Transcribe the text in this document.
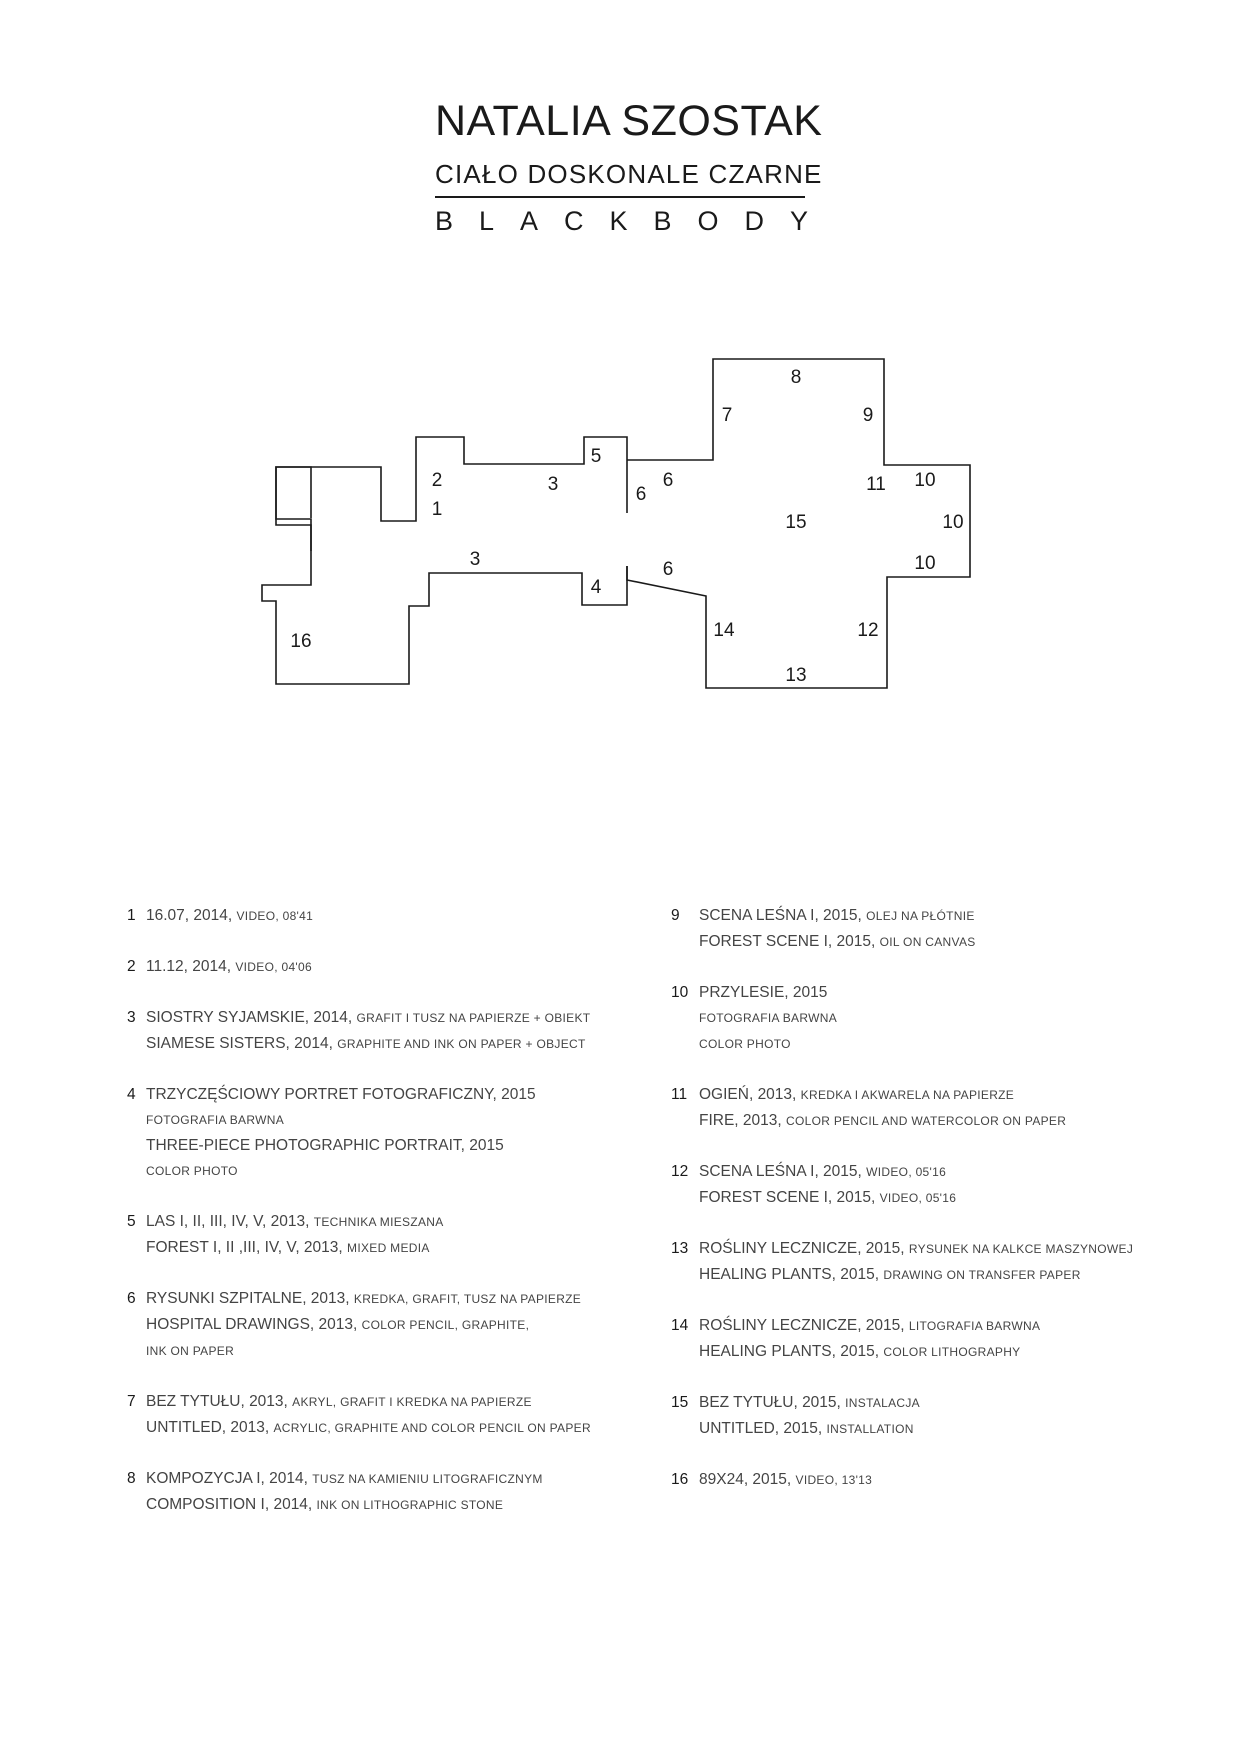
NATALIA SZOSTAK
CIAŁO DOSKONALE CZARNE
B L A C K B O D Y
8
7	9
5
2
1
3	6
6	11 10
15	10
3
4
6	10
16
14	12
13
1 16.07, 2014, VIDEO, 08'41
2 11.12, 2014, VIDEO, 04'06
3 SIOSTRY SYJAMSKIE, 2014, GRAFIT I TUSZ NA PAPIERZE + OBIEKT
SIAMESE SISTERS, 2014, GRAPHITE AND INK ON PAPER + OBJECT
4 TRZYCZĘŚCIOWY PORTRET FOTOGRAFICZNY, 2015
FOTOGRAFIA BARWNA
THREE-PIECE PHOTOGRAPHIC PORTRAIT, 2015
COLOR PHOTO
5 LAS I, II, III, IV, V, 2013, TECHNIKA MIESZANA
FOREST I, II ,III, IV, V, 2013, MIXED MEDIA
6 RYSUNKI SZPITALNE, 2013, KREDKA, GRAFIT, TUSZ NA PAPIERZE
HOSPITAL DRAWINGS, 2013, COLOR PENCIL, GRAPHITE,
INK ON PAPER
7 BEZ TYTUŁU, 2013, AKRYL, GRAFIT I KREDKA NA PAPIERZE
UNTITLED, 2013, ACRYLIC, GRAPHITE AND COLOR PENCIL ON PAPER
8 KOMPOZYCJA I, 2014, TUSZ NA KAMIENIU LITOGRAFICZNYM
COMPOSITION I, 2014, INK ON LITHOGRAPHIC STONE
9	SCENA LEŚNA I, 2015, OLEJ NA PŁÓTNIE
FOREST SCENE I, 2015, OIL ON CANVAS
10 PRZYLESIE, 2015
FOTOGRAFIA BARWNA
COLOR PHOTO
11 OGIEŃ, 2013, KREDKA I AKWARELA NA PAPIERZE
FIRE, 2013, COLOR PENCIL AND WATERCOLOR ON PAPER
12 SCENA LEŚNA I, 2015, WIDEO, 05'16
FOREST SCENE I, 2015, VIDEO, 05'16
13 ROŚLINY LECZNICZE, 2015, RYSUNEK NA KALKCE MASZYNOWEJ
HEALING PLANTS, 2015, DRAWING ON TRANSFER PAPER
14 ROŚLINY LECZNICZE, 2015, LITOGRAFIA BARWNA
HEALING PLANTS, 2015, COLOR LITHOGRAPHY
15 BEZ TYTUŁU, 2015, INSTALACJA
UNTITLED, 2015, INSTALLATION
16 89X24, 2015, VIDEO, 13'13
